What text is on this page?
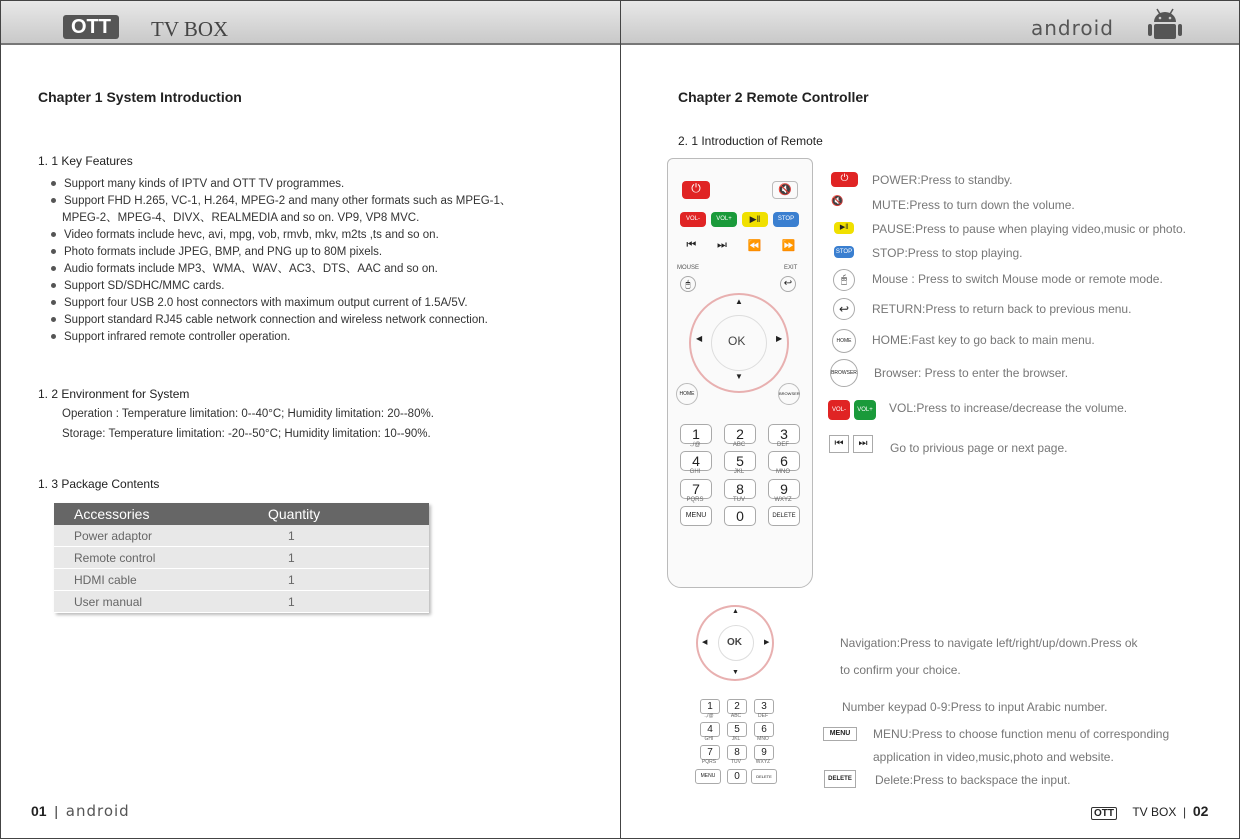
OTT	TV BOX
Chapter 1 System Introduction
1. 1 Key Features
Support many kinds of IPTV and OTT TV programmes.
Support FHD H.265, VC-1, H.264, MPEG-2 and many other formats such as MPEG-1、
MPEG-2、MPEG-4、DIVX、REALMEDIA and so on. VP9, VP8 MVC.
Video formats include hevc, avi, mpg, vob, rmvb, mkv, m2ts ,ts and so on.
Photo formats include JPEG, BMP, and PNG up to 80M pixels.
Audio formats include MP3、WMA、WAV、AC3、DTS、AAC and so on.
Support SD/SDHC/MMC cards.
Support four USB 2.0 host connectors with maximum output current of 1.5A/5V.
Support standard RJ45 cable network connection and wireless network connection.
Support infrared remote controller operation.
1. 2 Environment for System
Operation : Temperature limitation: 0--40°C; Humidity limitation: 20--80%.
Storage: Temperature limitation: -20--50°C; Humidity limitation: 10--90%.
1. 3 Package Contents
Accessories	Quantity
Power adaptor	1
Remote control	1
HDMI cable	1
User manual	1
01  |  android
android
Chapter 2 Remote Controller
2. 1 Introduction of Remote
⏻	🔇
VOL-	VOL+	▶‖	STOP
⏮ ⏭ ⏪ ⏩
MOUSE	EXIT
🖰	↩
OK
▲
▼
◀	▶
HOME	BROWSER
1	2	3
.,/@	ABC	DEF
4	5	6
GHI	JKL	MNO
7	8	9
PQRS	TUV	WXYZ
MENU	0	DELETE
⏻	POWER:Press to standby.
🔇	MUTE:Press to turn down the volume.
▶‖	PAUSE:Press to pause when playing video,music or photo.
STOP STOP:Press to stop playing.
🖰	Mouse : Press to switch Mouse mode or remote mode.
↩	RETURN:Press to return back to previous menu.
HOME	HOME:Fast key to go back to main menu.
BROWSER Browser: Press to enter the browser.
VOL-	VOL+ VOL:Press to increase/decrease the volume.
⏮	⏭	Go to privious page or next page.
OK
▲
▼
◀	▶	Navigation:Press to navigate left/right/up/down.Press ok
to confirm your choice.
1	2	3
.,/@	ABC	DEF
4	5	6
GHI	JKL	MNO
7	8	9
PQRS	TUV	WXYZ
MENU	0	DELETE
Number keypad 0-9:Press to input Arabic number.
MENU	MENU:Press to choose function menu of corresponding
application in video,music,photo and website.
DELETE	Delete:Press to backspace the input.
OTT TV BOX  |  02
